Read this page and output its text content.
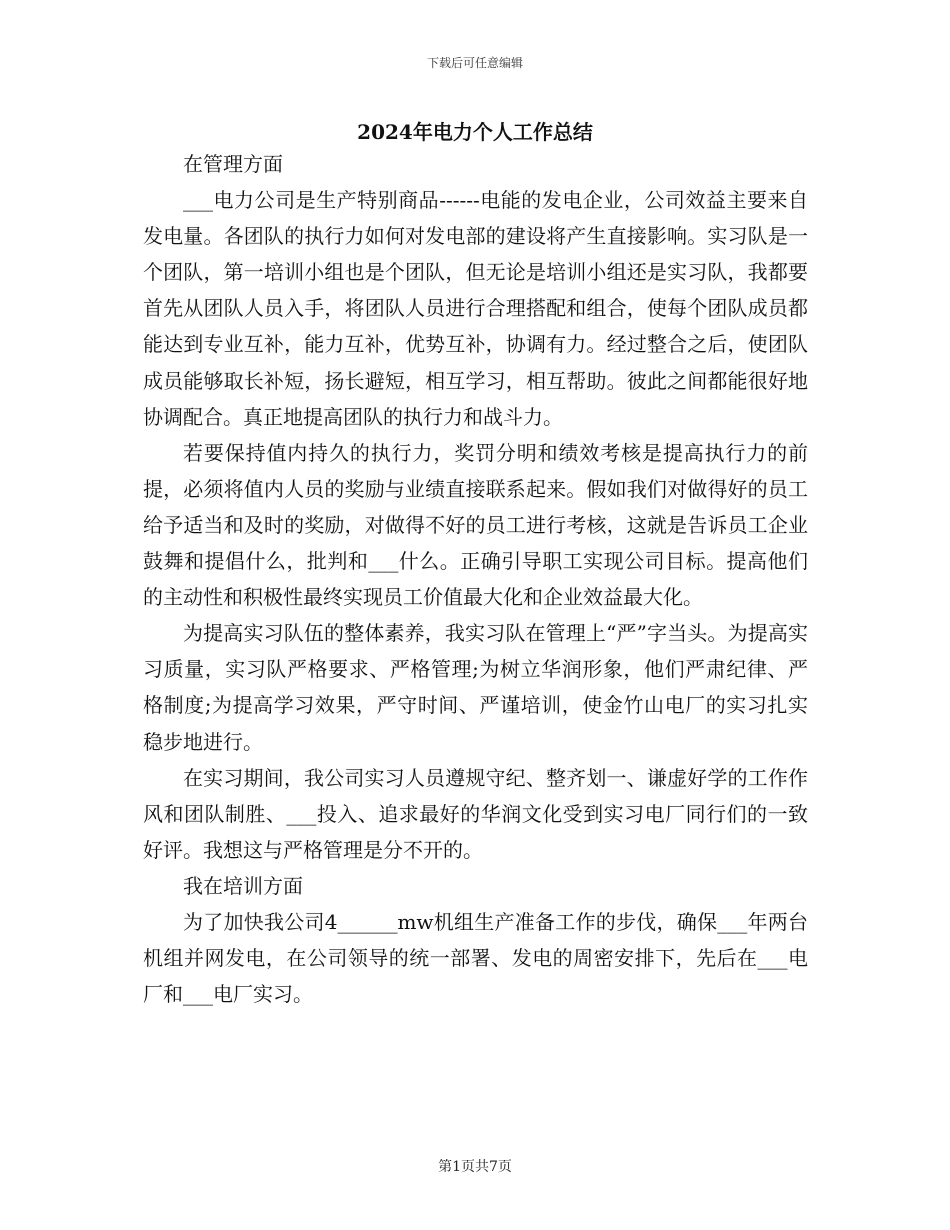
下载后可任意编辑
2024年电力个人工作总结

在管理方面

___电力公司是生产特别商品------电能的发电企业，公司效益主要来自发电量。各团队的执行力如何对发电部的建设将产生直接影响。实习队是一个团队，第一培训小组也是个团队，但无论是培训小组还是实习队，我都要首先从团队人员入手，将团队人员进行合理搭配和组合，使每个团队成员都能达到专业互补，能力互补，优势互补，协调有力。经过整合之后，使团队成员能够取长补短，扬长避短，相互学习，相互帮助。彼此之间都能很好地协调配合。真正地提高团队的执行力和战斗力。

若要保持值内持久的执行力，奖罚分明和绩效考核是提高执行力的前提，必须将值内人员的奖励与业绩直接联系起来。假如我们对做得好的员工给予适当和及时的奖励，对做得不好的员工进行考核，这就是告诉员工企业鼓舞和提倡什么，批判和___什么。正确引导职工实现公司目标。提高他们的主动性和积极性最终实现员工价值最大化和企业效益最大化。

为提高实习队伍的整体素养，我实习队在管理上“严”字当头。为提高实习质量，实习队严格要求、严格管理;为树立华润形象，他们严肃纪律、严格制度;为提高学习效果，严守时间、严谨培训，使金竹山电厂的实习扎实稳步地进行。

在实习期间，我公司实习人员遵规守纪、整齐划一、谦虚好学的工作作风和团队制胜、___投入、追求最好的华润文化受到实习电厂同行们的一致好评。我想这与严格管理是分不开的。

我在培训方面

为了加快我公司4______mw机组生产准备工作的步伐，确保___年两台机组并网发电，在公司领导的统一部署、发电的周密安排下，先后在___电厂和___电厂实习。

第1页共7页
